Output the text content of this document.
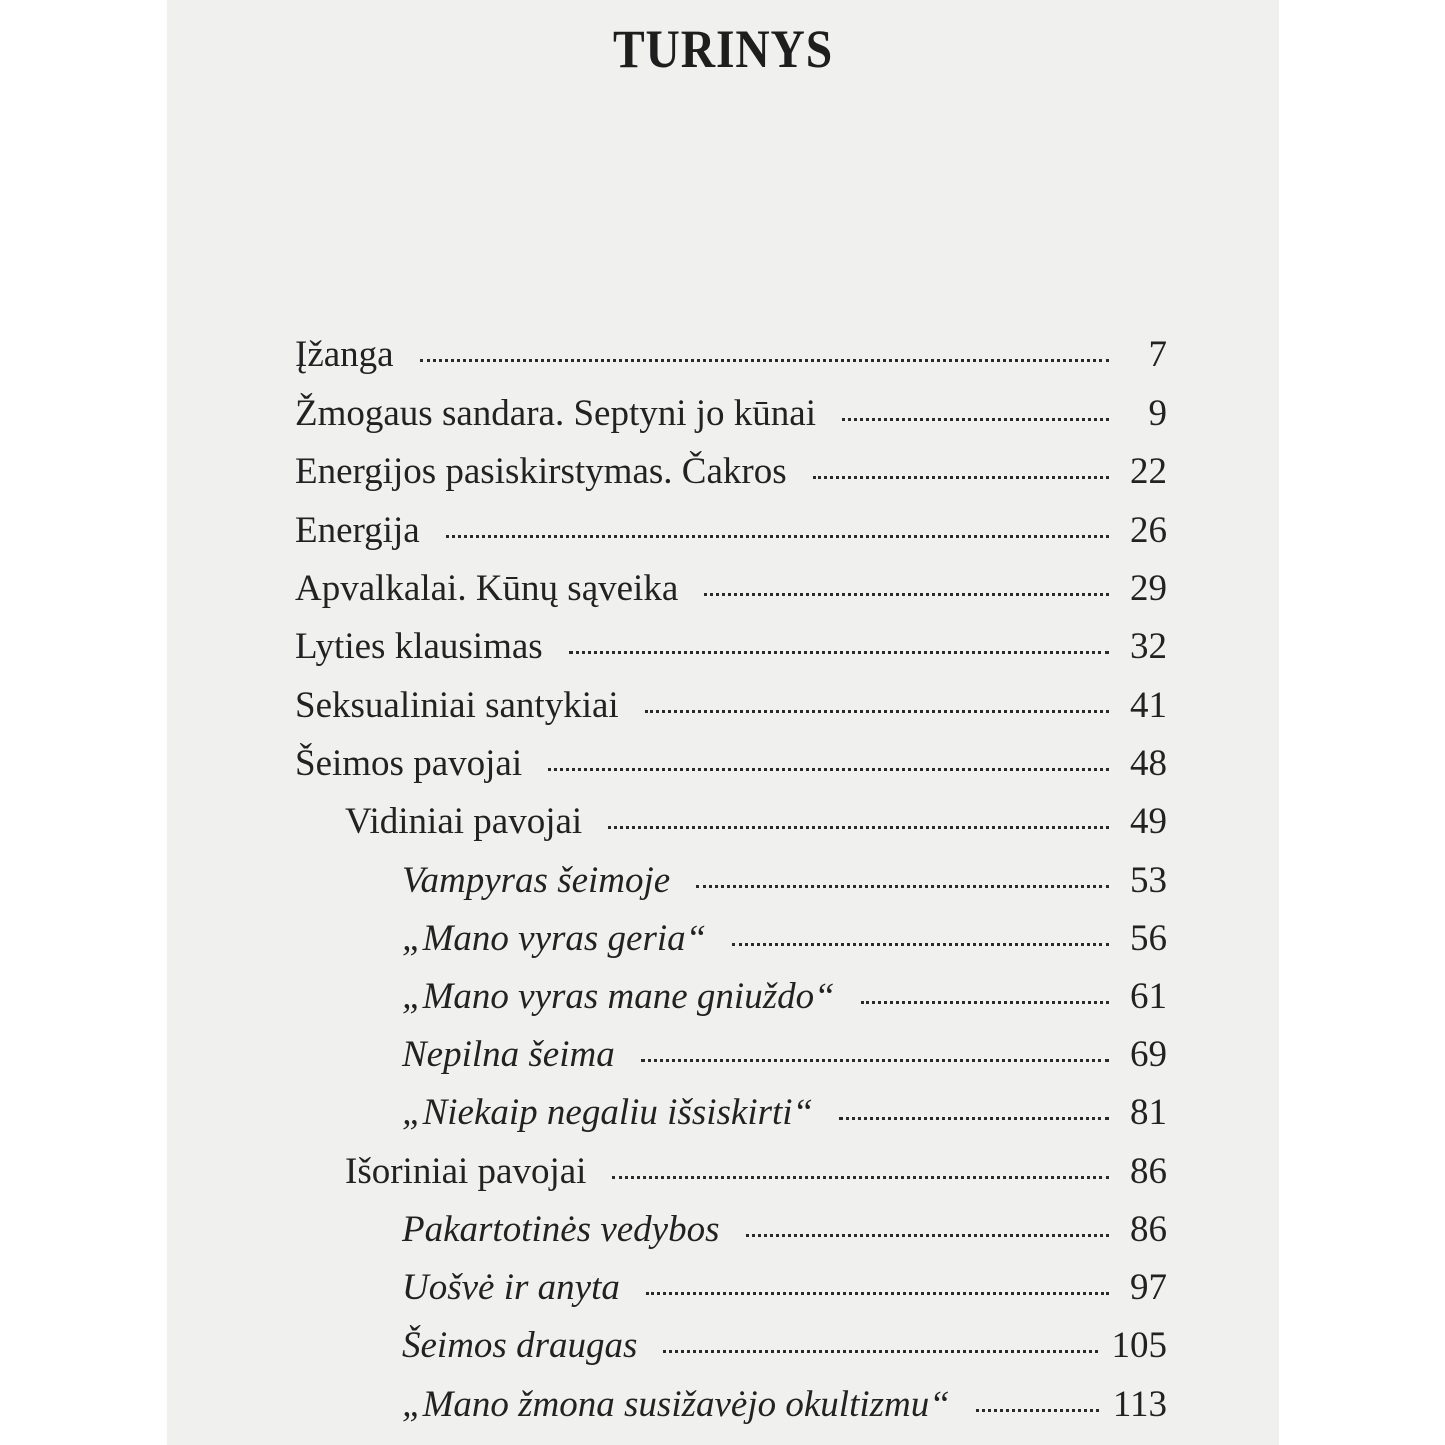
TURINYS
Įžanga	7
Žmogaus sandara. Septyni jo kūnai	9
Energijos pasiskirstymas. Čakros	22
Energija	26
Apvalkalai. Kūnų sąveika	29
Lyties klausimas	32
Seksualiniai santykiai	41
Šeimos pavojai	48
Vidiniai pavojai	49
Vampyras šeimoje	53
„Mano vyras geria“	56
„Mano vyras mane gniuždo“	61
Nepilna šeima	69
„Niekaip negaliu išsiskirti“	81
Išoriniai pavojai	86
Pakartotinės vedybos	86
Uošvė ir anyta	97
Šeimos draugas	105
„Mano žmona susižavėjo okultizmu“	113
